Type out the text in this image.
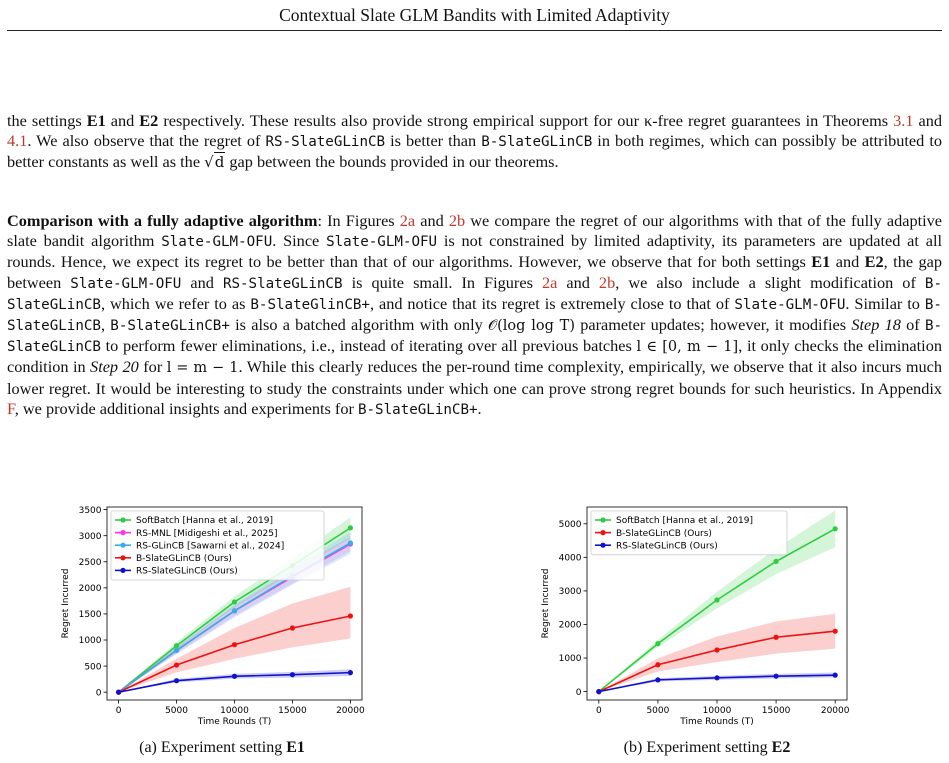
Contextual Slate GLM Bandits with Limited Adaptivity
the settings E1 and E2 respectively. These results also provide strong empirical support for our κ-free regret guarantees in Theorems 3.1 and 4.1. We also observe that the regret of RS-SlateGLinCB is better than B-SlateGLinCB in both regimes, which can possibly be attributed to better constants as well as the √d gap between the bounds provided in our theorems.
Comparison with a fully adaptive algorithm: In Figures 2a and 2b we compare the regret of our algorithms with that of the fully adaptive slate bandit algorithm Slate-GLM-OFU. Since Slate-GLM-OFU is not constrained by limited adaptivity, its parameters are updated at all rounds. Hence, we expect its regret to be better than that of our algorithms. However, we observe that for both settings E1 and E2, the gap between Slate-GLM-OFU and RS-SlateGLinCB is quite small. In Figures 2a and 2b, we also include a slight modification of B-SlateGLinCB, which we refer to as B-SlateGlinCB+, and notice that its regret is extremely close to that of Slate-GLM-OFU. Similar to B-SlateGLinCB, B-SlateGLinCB+ is also a batched algorithm with only 𝒪(log log T) parameter updates; however, it modifies Step 18 of B-SlateGLinCB to perform fewer eliminations, i.e., instead of iterating over all previous batches l ∈ [0, m − 1], it only checks the elimination condition in Step 20 for l = m − 1. While this clearly reduces the per-round time complexity, empirically, we observe that it also incurs much lower regret. It would be interesting to study the constraints under which one can prove strong regret bounds for such heuristics. In Appendix F, we provide additional insights and experiments for B-SlateGLinCB+.
0	5000	10000	15000	20000
0
500
1000
1500
2000
2500
3000
3500
Time Rounds (T)
Regret Incurred
SoftBatch [Hanna et al., 2019]
RS-MNL [Midigeshi et al., 2025]
RS-GLinCB [Sawarni et al., 2024]
B-SlateGLinCB (Ours)
RS-SlateGLinCB (Ours)
0	5000	10000	15000	20000
0
1000
2000
3000
4000
5000
Time Rounds (T)
Regret Incurred
SoftBatch [Hanna et al., 2019]
B-SlateGLinCB (Ours)
RS-SlateGLinCB (Ours)
(a) Experiment setting E1	(b) Experiment setting E2
